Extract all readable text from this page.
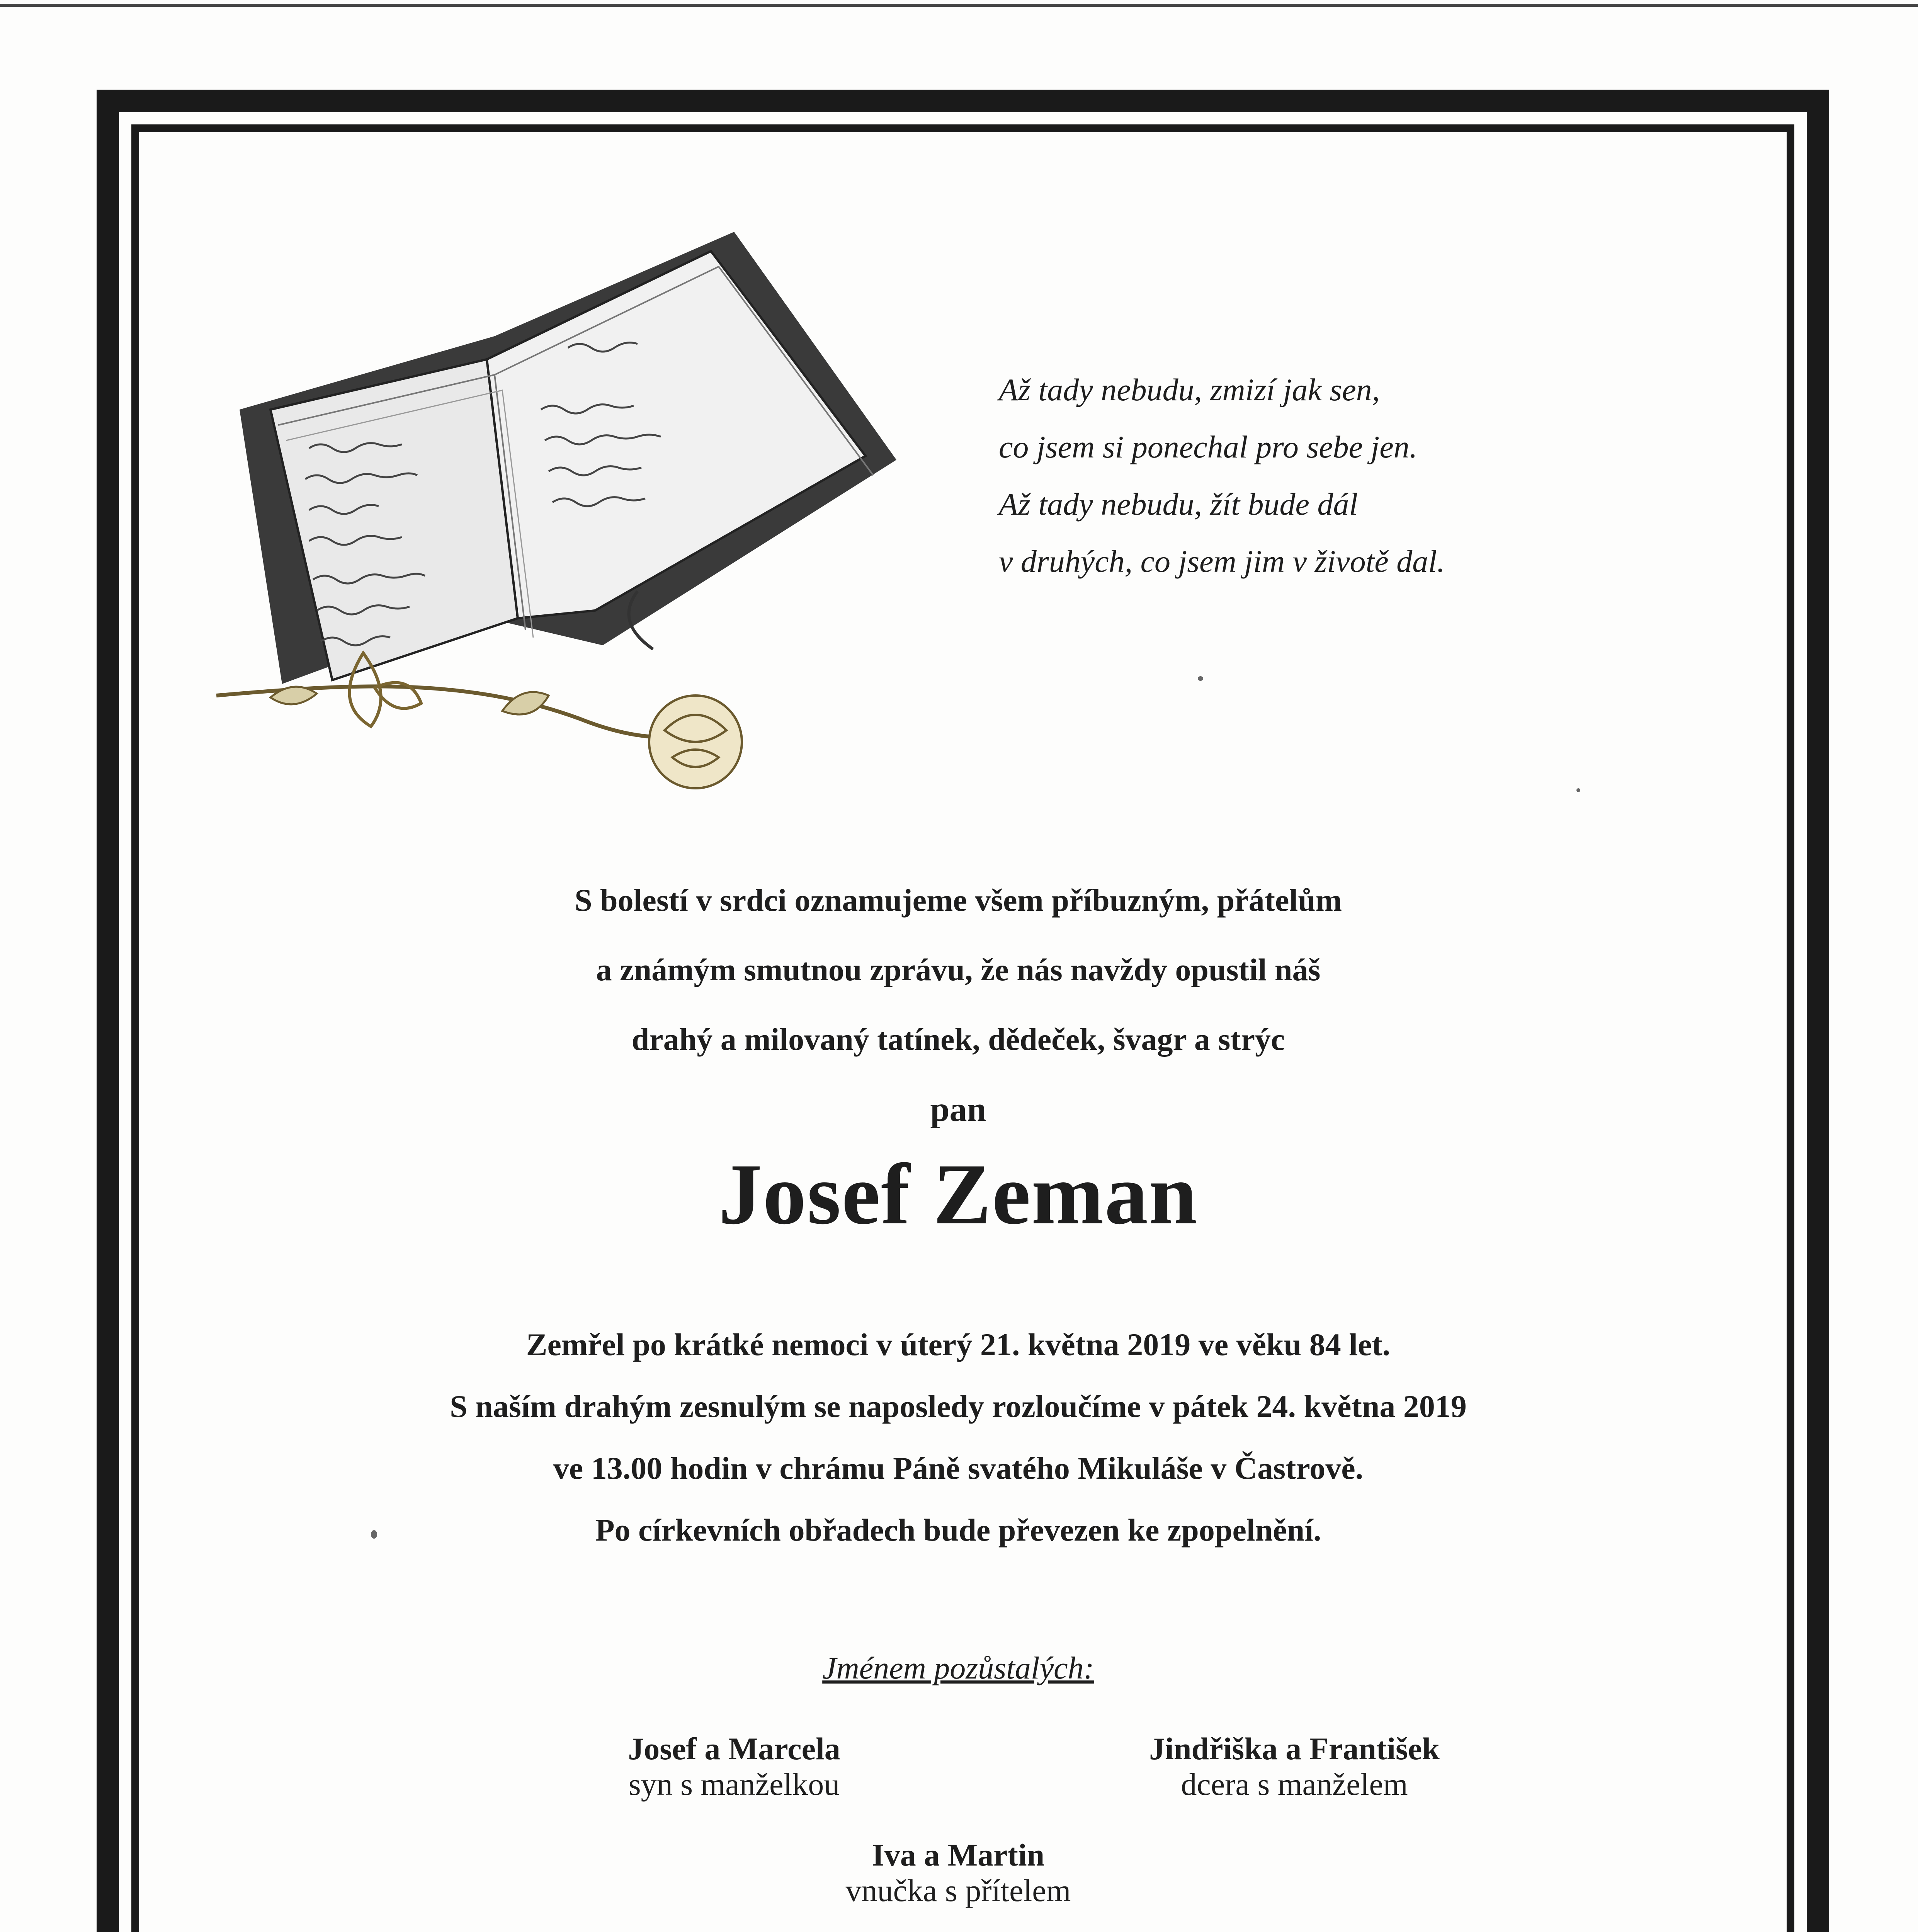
Až tady nebudu, zmizí jak sen,
co jsem si ponechal pro sebe jen.
Až tady nebudu, žít bude dál
v druhých, co jsem jim v životě dal.
S bolestí v srdci oznamujeme všem příbuzným, přátelům
a známým smutnou zprávu, že nás navždy opustil náš
drahý a milovaný tatínek, dědeček, švagr a strýc
pan
Josef Zeman
Zemřel po krátké nemoci v úterý 21. května 2019 ve věku 84 let.
S naším drahým zesnulým se naposledy rozloučíme v pátek 24. května 2019
ve 13.00 hodin v chrámu Páně svatého Mikuláše v Častrově.
Po církevních obřadech bude převezen ke zpopelnění.
Jménem pozůstalých:
Josef a Marcela
syn s manželkou
Jindřiška a František
dcera s manželem
Iva a Martin
vnučka s přítelem
